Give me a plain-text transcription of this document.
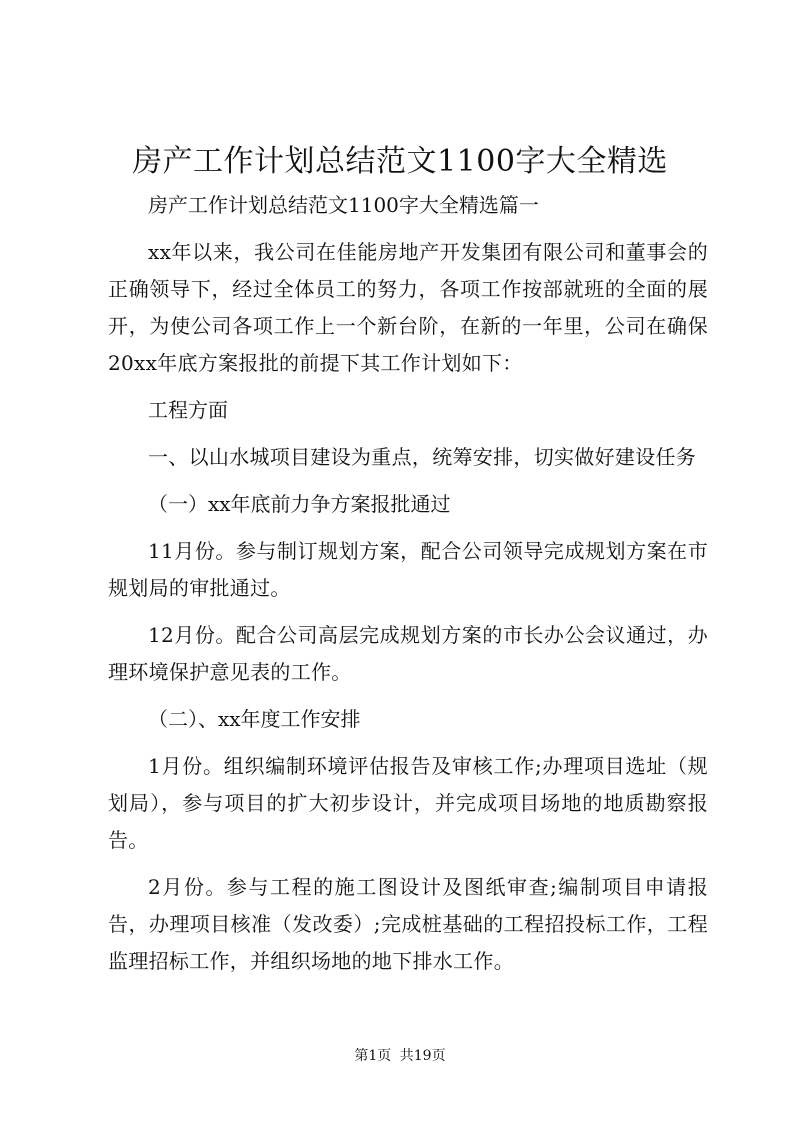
房产工作计划总结范文1100字大全精选

房产工作计划总结范文1100字大全精选篇一

xx年以来，我公司在佳能房地产开发集团有限公司和董事会的正确领导下，经过全体员工的努力，各项工作按部就班的全面的展开，为使公司各项工作上一个新台阶，在新的一年里，公司在确保20xx年底方案报批的前提下其工作计划如下：

工程方面

一、以山水城项目建设为重点，统筹安排，切实做好建设任务

（一）xx年底前力争方案报批通过

11月份。参与制订规划方案，配合公司领导完成规划方案在市规划局的审批通过。

12月份。配合公司高层完成规划方案的市长办公会议通过，办理环境保护意见表的工作。

（二）、xx年度工作安排

1月份。组织编制环境评估报告及审核工作;办理项目选址（规划局），参与项目的扩大初步设计，并完成项目场地的地质勘察报告。

2月份。参与工程的施工图设计及图纸审查;编制项目申请报告，办理项目核准（发改委）;完成桩基础的工程招投标工作，工程监理招标工作，并组织场地的地下排水工作。

第1页 共19页
